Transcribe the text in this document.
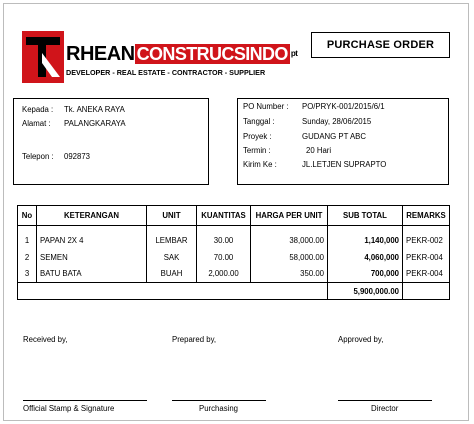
RHEAN CONSTRUCSINDO pt
DEVELOPER - REAL ESTATE - CONTRACTOR - SUPPLIER
PURCHASE ORDER
Kepada : Tk. ANEKA RAYA
Alamat : PALANGKARAYA
Telepon : 092873
PO Number : PO/PRYK-001/2015/6/1
Tanggal :	Sunday, 28/06/2015
Proyek :	GUDANG PT ABC
Termin :	20 Hari
Kirim Ke :	JL.LETJEN SUPRAPTO
No	KETERANGAN	UNIT	KUANTITAS	HARGA PER UNIT	SUB TOTAL	REMARKS

1	PAPAN 2X 4	LEMBAR	30.00	38,000.00	1,140,000	PEKR-002
2	SEMEN	SAK	70.00	58,000.00	4,060,000	PEKR-004
3	BATU BATA	BUAH	2,000.00	350.00	700,000	PEKR-004
					5,900,000.00	
Received by,	Prepared by,	Approved by,
Official Stamp & Signature	Purchasing	Director
